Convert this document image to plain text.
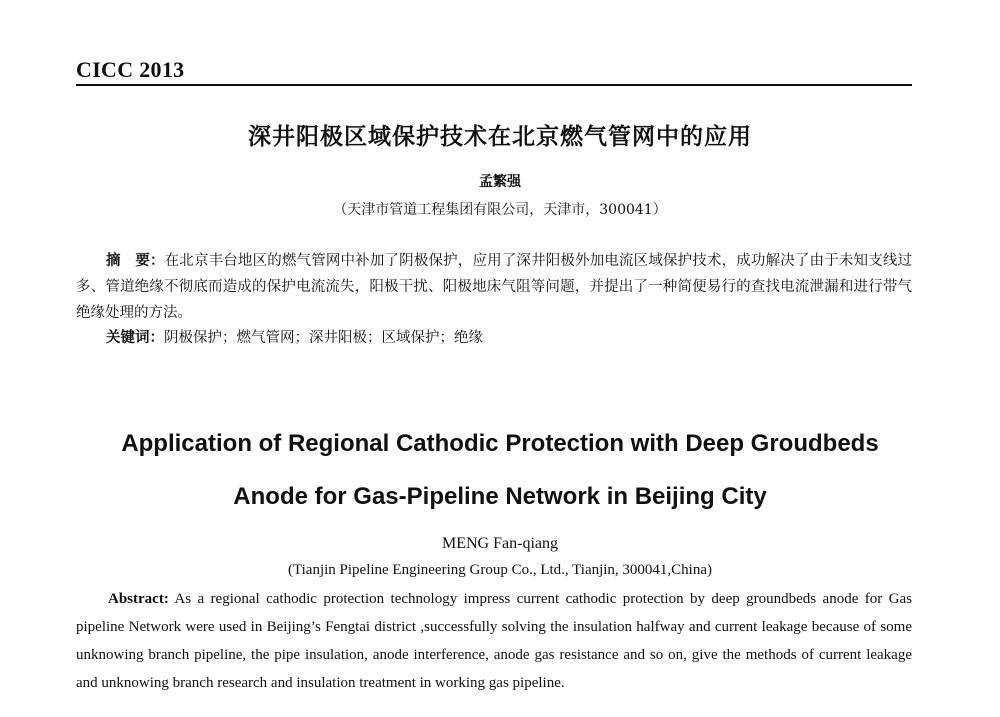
CICC 2013
深井阳极区域保护技术在北京燃气管网中的应用
孟繁强
（天津市管道工程集团有限公司，天津市，300041）
摘　要：在北京丰台地区的燃气管网中补加了阴极保护，应用了深井阳极外加电流区域保护技术，成功解决了由于未知支线过多、管道绝缘不彻底而造成的保护电流流失，阳极干扰、阳极地床气阻等问题，并提出了一种简便易行的查找电流泄漏和进行带气绝缘处理的方法。
关键词：阴极保护；燃气管网；深井阳极；区域保护；绝缘
Application of Regional Cathodic Protection with Deep Groudbeds
Anode for Gas-Pipeline Network in Beijing City
MENG Fan-qiang
(Tianjin Pipeline Engineering Group Co., Ltd., Tianjin, 300041,China)
Abstract: As a regional cathodic protection technology impress current cathodic protection by deep groundbeds anode for Gas pipeline Network were used in Beijing’s Fengtai district ,successfully solving the insulation halfway and current leakage because of some unknowing branch pipeline, the pipe insulation, anode interference, anode gas resistance and so on, give the methods of current leakage and unknowing branch research and insulation treatment in working gas pipeline.
